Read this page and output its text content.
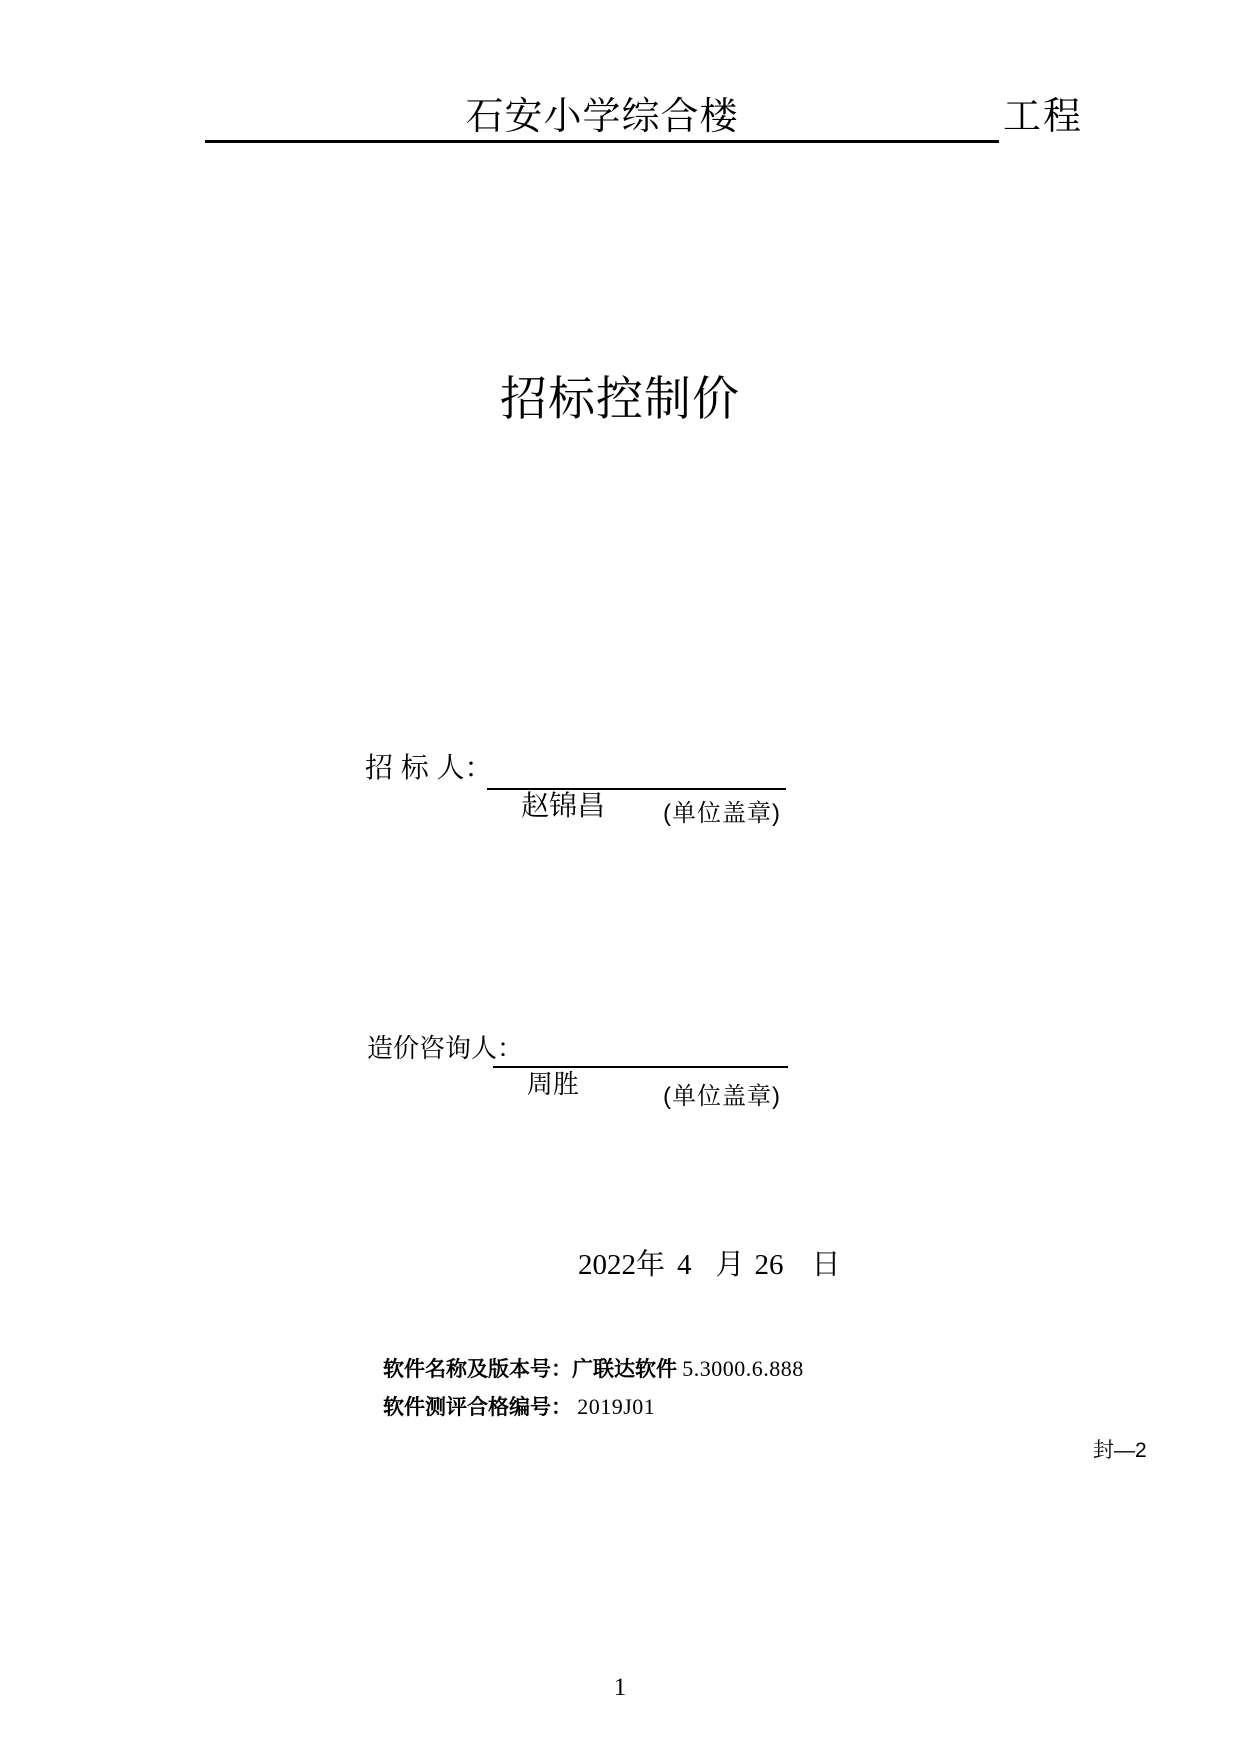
石安小学综合楼	工程
招标控制价
招 标 人：

赵锦昌
	(单位盖章)
造价咨询人：

周胜
	(单位盖章)
2022 年 4 月 26 日
软件名称及版本号：广联达软件 5.3000.6.888
软件测评合格编号： 2019J01
封—2
1
